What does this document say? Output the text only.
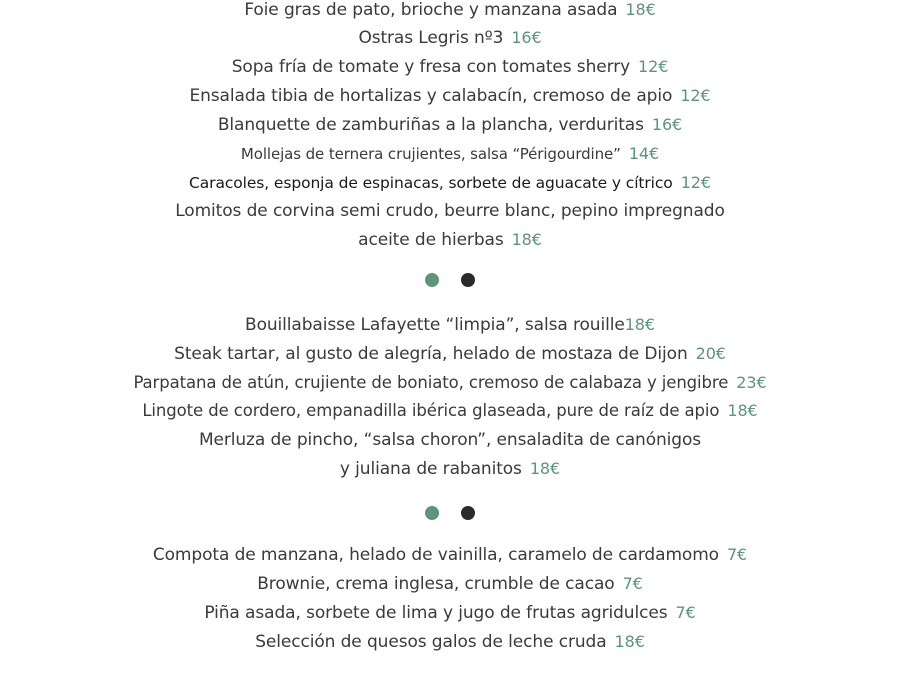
Foie gras de pato, brioche y manzana asada 18€
Ostras Legris nº3 16€
Sopa fría de tomate y fresa con tomates sherry 12€
Ensalada tibia de hortalizas y calabacín, cremoso de apio 12€
Blanquette de zamburiñas a la plancha, verduritas 16€
Mollejas de ternera crujientes, salsa “Périgourdine” 14€
Caracoles, esponja de espinacas, sorbete de aguacate y cítrico 12€
Lomitos de corvina semi crudo, beurre blanc, pepino impregnado
aceite de hierbas 18€
Bouillabaisse Lafayette “limpia”, salsa rouille18€
Steak tartar, al gusto de alegría, helado de mostaza de Dijon 20€
Parpatana de atún, crujiente de boniato, cremoso de calabaza y jengibre 23€
Lingote de cordero, empanadilla ibérica glaseada, pure de raíz de apio 18€
Merluza de pincho, “salsa choron”, ensaladita de canónigos
y juliana de rabanitos 18€
Compota de manzana, helado de vainilla, caramelo de cardamomo 7€
Brownie, crema inglesa, crumble de cacao 7€
Piña asada, sorbete de lima y jugo de frutas agridulces 7€
Selección de quesos galos de leche cruda 18€
